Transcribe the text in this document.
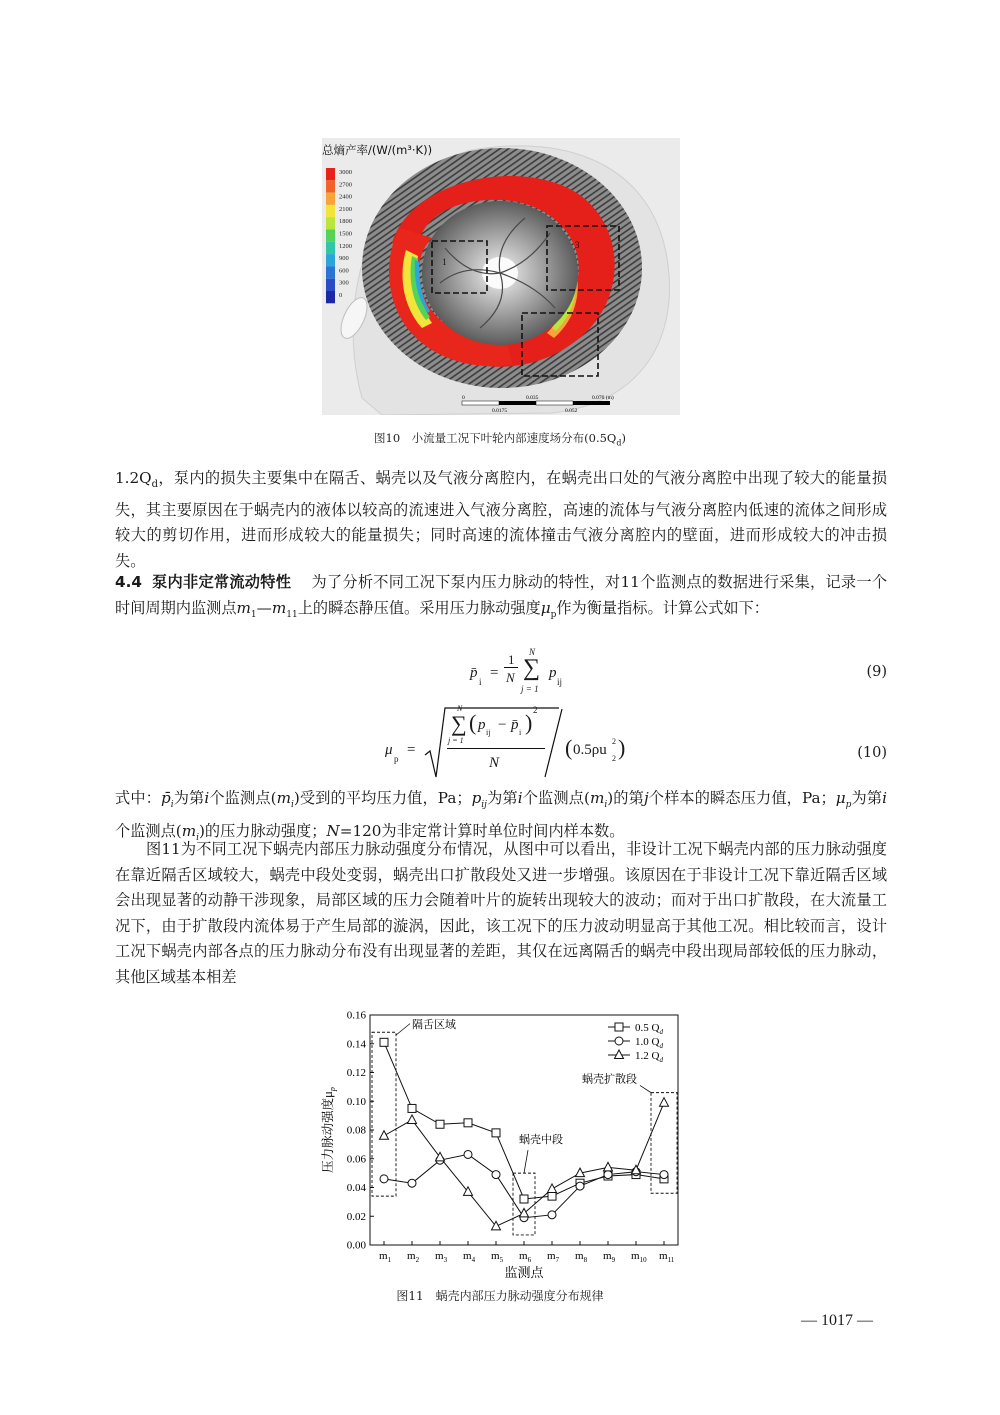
1
3
总熵产率/(W/(m³·K))
3000
2700
2400
2100
1800
1500
1200
900
600
300
0
0	0.035	0.070 (m)
0.0175	0.052
图10　小流量工况下叶轮内部速度场分布$(0.5Q_d)$

$1.2Q_d$，泵内的损失主要集中在隔舌、蜗壳以及气液分离腔内，在蜗壳出口处的气液分离腔中出现了较大的能量损失，其主要原因在于蜗壳内的液体以较高的流速进入气液分离腔，高速的流体与气液分离腔内低速的流体之间形成较大的剪切作用，进而形成较大的能量损失；同时高速的流体撞击气液分离腔内的壁面，进而形成较大的冲击损失。

4.4 泵内非定常流动特性 为了分析不同工况下泵内压力脉动的特性，对11个监测点的数据进行采集，记录一个时间周期内监测点$m_1—m_{11}$上的瞬态静压值。采用压力脉动强度$\mu_p$作为衡量指标。计算公式如下：

p̄
i
=
1
N
N
∑
j = 1
p
ij
(9)
μ
p
=
N
∑
j = 1
( p ij − p̄ i ) 2
N
( 0.5ρu
2
2 )	(10)

式中：$p̄_i$为第i个监测点$(m_i)$受到的平均压力值，Pa；$p_{ij}$为第i个监测点$(m_i)$的第j个样本的瞬态压力值，Pa；$\mu_p$为第i个监测点$(m_i)$的压力脉动强度；N=120为非定常计算时单位时间内样本数。

图11为不同工况下蜗壳内部压力脉动强度分布情况，从图中可以看出，非设计工况下蜗壳内部的压力脉动强度在靠近隔舌区域较大，蜗壳中段处变弱，蜗壳出口扩散段处又进一步增强。该原因在于非设计工况下靠近隔舌区域会出现显著的动静干涉现象，局部区域的压力会随着叶片的旋转出现较大的波动；而对于出口扩散段，在大流量工况下，由于扩散段内流体易于产生局部的漩涡，因此，该工况下的压力波动明显高于其他工况。相比较而言，设计工况下蜗壳内部各点的压力脉动分布没有出现显著的差距，其仅在远离隔舌的蜗壳中段出现局部较低的压力脉动，其他区域基本相差

0.00
0.02
0.04
0.06
0.08
0.10
0.12
0.14
0.16
$m_1$ $m_2$ $m_3$ $m_4$ $m_5$ $m_6$ $m_7$ $m_8$ $m_9$ $m_{10}$ $m_{11}$
监测点
压力脉动强度$\mu_p$
隔舌区域
蜗壳中段
蜗壳扩散段
0.5 $Q_d$
1.0 $Q_d$
1.2 $Q_d$
图11　蜗壳内部压力脉动强度分布规律
— 1017 —
